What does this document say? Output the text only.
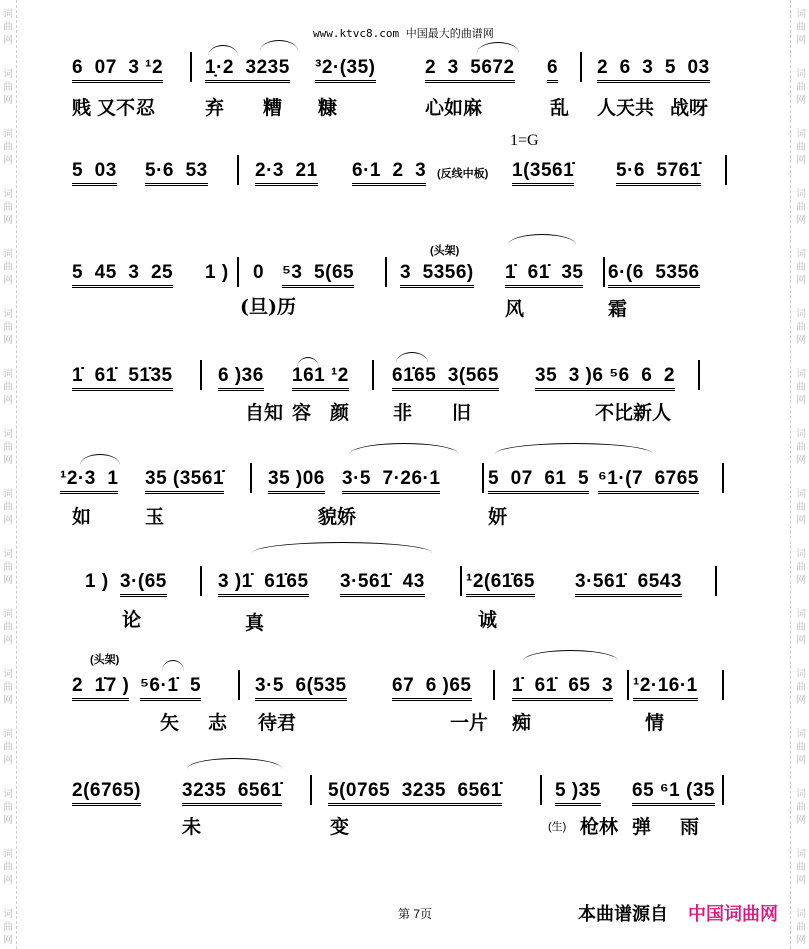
词
曲
网
词
曲
网
词
曲
网
词
曲
网
词
曲
网
词
曲
网
词
曲
网
词
曲
网
词
曲
网
词
曲
网
词
曲
网
词
曲
网
词
曲
网
词
曲
网
词
曲
网
词
曲
网
词
曲
网
词
曲
网
词
曲
网
词
曲
网
词
曲
网
词
曲
网
词
曲
网
词
曲
网
词
曲
网
词
曲
网
词
曲
网
词
曲
网
词
曲
网
词
曲
网
词
曲
网
词
曲
网
www.ktvc8.com 中国最大的曲谱网
6  07  3 ¹2 1̣·2  3235 ³2·(35)	2  3  5672 6 2  6  3  5  03
贱 又不 忍	弃 糟 糠	心如麻	乱 人天共 战呀
1=G
5  03 5·6  53 2·3  21 6·1  2  3 (反线中板) 1(3561̇ 5·6  5761̇
5  45  3  25 1 ) 0 ⁵3  5(65
(头架)
3  5356) 1̇  61̇  35 6·(6  5356
(旦)历	风	霜
1̇  61̇  51̇35 6 )36 161 ¹2 61̇65  3(565 35  3 )6 ⁵6  6  2
自知 容 颜 非 旧	不比新人
¹2·3  1 35 (3561̇ 35 )06 3·5  7·26·1	5  07  61  5 ⁶1·(7  6765
如	玉	貌娇	妍
1 ) 3·(65	3 )1̇  61̇65 3·561̇  43 ¹2(61̇65 3·561̇  6543
论	真	诚
(头架)
2  1̇7 ) ⁵6·1̇  5	3·5  6(535 67  6 )65 1̇  61̇  65  3 ¹2·16·1
矢 志 待君	一片 痴	情
2(6765) 3235  6561̇ 5(0765  3235  6561̇	5 )35 65 ⁶1 (35
未	变	(生) 枪林 弹 雨
第 7页	本曲谱源自 中国词曲网
